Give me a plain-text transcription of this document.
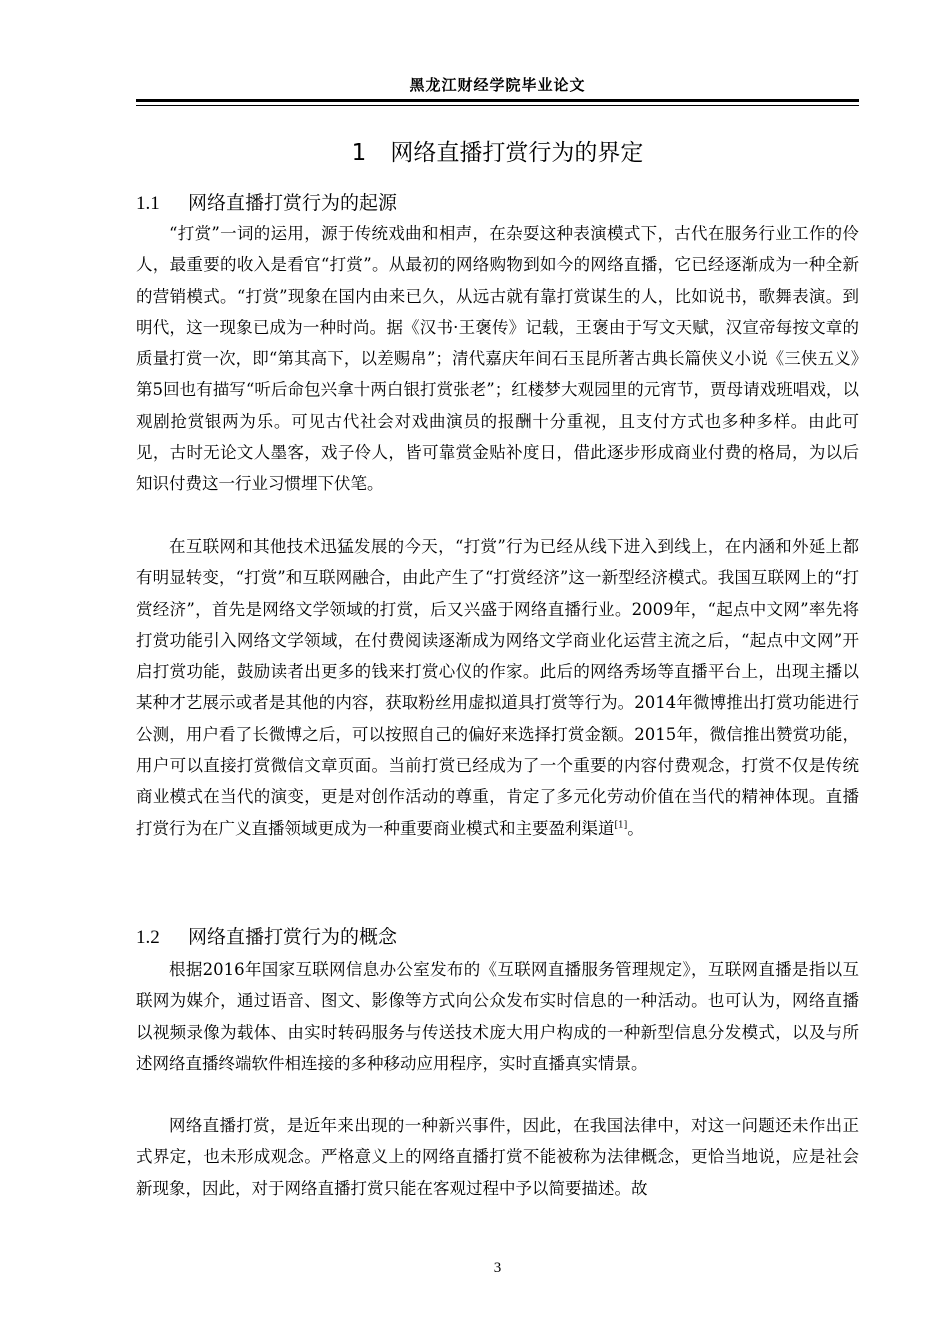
黑龙江财经学院毕业论文
1 网络直播打赏行为的界定
1.1 网络直播打赏行为的起源

“打赏”一词的运用，源于传统戏曲和相声，在杂耍这种表演模式下，古代在服务行业工作的伶人，最重要的收入是看官“打赏”。从最初的网络购物到如今的网络直播，它已经逐渐成为一种全新的营销模式。“打赏”现象在国内由来已久，从远古就有靠打赏谋生的人，比如说书，歌舞表演。到明代，这一现象已成为一种时尚。据《汉书·王褒传》记载，王褒由于写文天赋，汉宣帝每按文章的质量打赏一次，即“第其高下，以差赐帛”；清代嘉庆年间石玉昆所著古典长篇侠义小说《三侠五义》第5回也有描写“听后命包兴拿十两白银打赏张老”；红楼梦大观园里的元宵节，贾母请戏班唱戏，以观剧抢赏银两为乐。可见古代社会对戏曲演员的报酬十分重视，且支付方式也多种多样。由此可见，古时无论文人墨客，戏子伶人，皆可靠赏金贴补度日，借此逐步形成商业付费的格局，为以后知识付费这一行业习惯埋下伏笔。

在互联网和其他技术迅猛发展的今天，“打赏”行为已经从线下进入到线上，在内涵和外延上都有明显转变，“打赏”和互联网融合，由此产生了“打赏经济”这一新型经济模式。我国互联网上的“打赏经济”，首先是网络文学领域的打赏，后又兴盛于网络直播行业。2009年，“起点中文网”率先将打赏功能引入网络文学领域，在付费阅读逐渐成为网络文学商业化运营主流之后，“起点中文网”开启打赏功能，鼓励读者出更多的钱来打赏心仪的作家。此后的网络秀场等直播平台上，出现主播以某种才艺展示或者是其他的内容，获取粉丝用虚拟道具打赏等行为。2014年微博推出打赏功能进行公测，用户看了长微博之后，可以按照自己的偏好来选择打赏金额。2015年，微信推出赞赏功能，用户可以直接打赏微信文章页面。当前打赏已经成为了一个重要的内容付费观念，打赏不仅是传统商业模式在当代的演变，更是对创作活动的尊重，肯定了多元化劳动价值在当代的精神体现。直播打赏行为在广义直播领域更成为一种重要商业模式和主要盈利渠道[1]。

1.2 网络直播打赏行为的概念

根据2016年国家互联网信息办公室发布的《互联网直播服务管理规定》，互联网直播是指以互联网为媒介，通过语音、图文、影像等方式向公众发布实时信息的一种活动。也可认为，网络直播以视频录像为载体、由实时转码服务与传送技术庞大用户构成的一种新型信息分发模式，以及与所述网络直播终端软件相连接的多种移动应用程序，实时直播真实情景。

网络直播打赏，是近年来出现的一种新兴事件，因此，在我国法律中，对这一问题还未作出正式界定，也未形成观念。严格意义上的网络直播打赏不能被称为法律概念，更恰当地说，应是社会新现象，因此，对于网络直播打赏只能在客观过程中予以简要描述。故

3
